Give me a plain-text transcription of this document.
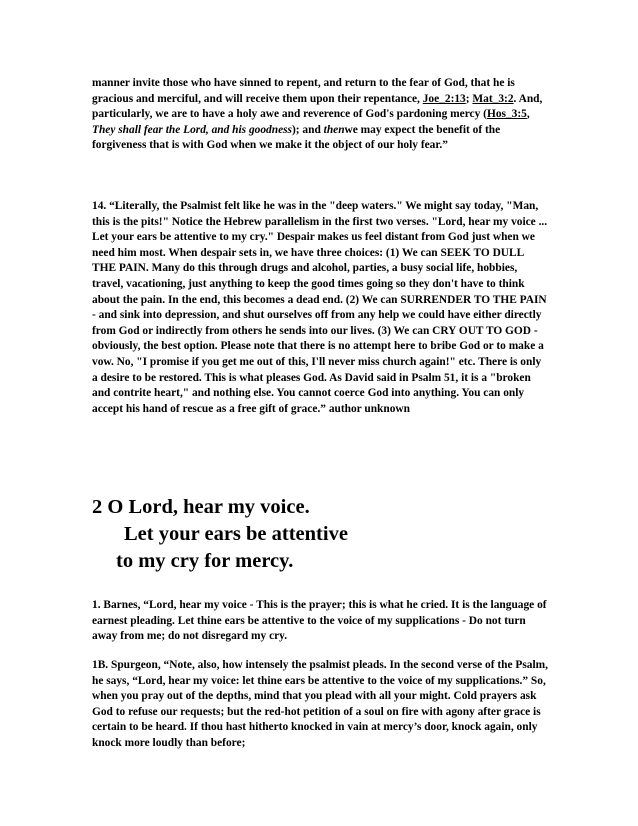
manner invite those who have sinned to repent, and return to the fear of God, that he is gracious and merciful, and will receive them upon their repentance, Joe_2:13; Mat_3:2. And, particularly, we are to have a holy awe and reverence of God's pardoning mercy (Hos_3:5, They shall fear the Lord, and his goodness); and thenwe may expect the benefit of the forgiveness that is with God when we make it the object of our holy fear.”

14. “Literally, the Psalmist felt like he was in the "deep waters." We might say today, "Man, this is the pits!" Notice the Hebrew parallelism in the first two verses. "Lord, hear my voice ... Let your ears be attentive to my cry." Despair makes us feel distant from God just when we need him most. When despair sets in, we have three choices: (1) We can SEEK TO DULL THE PAIN. Many do this through drugs and alcohol, parties, a busy social life, hobbies, travel, vacationing, just anything to keep the good times going so they don't have to think about the pain. In the end, this becomes a dead end. (2) We can SURRENDER TO THE PAIN - and sink into depression, and shut ourselves off from any help we could have either directly from God or indirectly from others he sends into our lives. (3) We can CRY OUT TO GOD - obviously, the best option. Please note that there is no attempt here to bribe God or to make a vow. No, "I promise if you get me out of this, I'll never miss church again!" etc. There is only a desire to be restored. This is what pleases God. As David said in Psalm 51, it is a "broken and contrite heart," and nothing else. You cannot coerce God into anything. You can only accept his hand of rescue as a free gift of grace.” author unknown

2 O Lord, hear my voice.
Let your ears be attentive
to my cry for mercy.

1. Barnes, “Lord, hear my voice - This is the prayer; this is what he cried. It is the language of earnest pleading. Let thine ears be attentive to the voice of my supplications - Do not turn away from me; do not disregard my cry.

1B. Spurgeon, “Note, also, how intensely the psalmist pleads. In the second verse of the Psalm, he says, “Lord, hear my voice: let thine ears be attentive to the voice of my supplications.” So, when you pray out of the depths, mind that you plead with all your might. Cold prayers ask God to refuse our requests; but the red-hot petition of a soul on fire with agony after grace is certain to be heard. If thou hast hitherto knocked in vain at mercy’s door, knock again, only knock more loudly than before;
